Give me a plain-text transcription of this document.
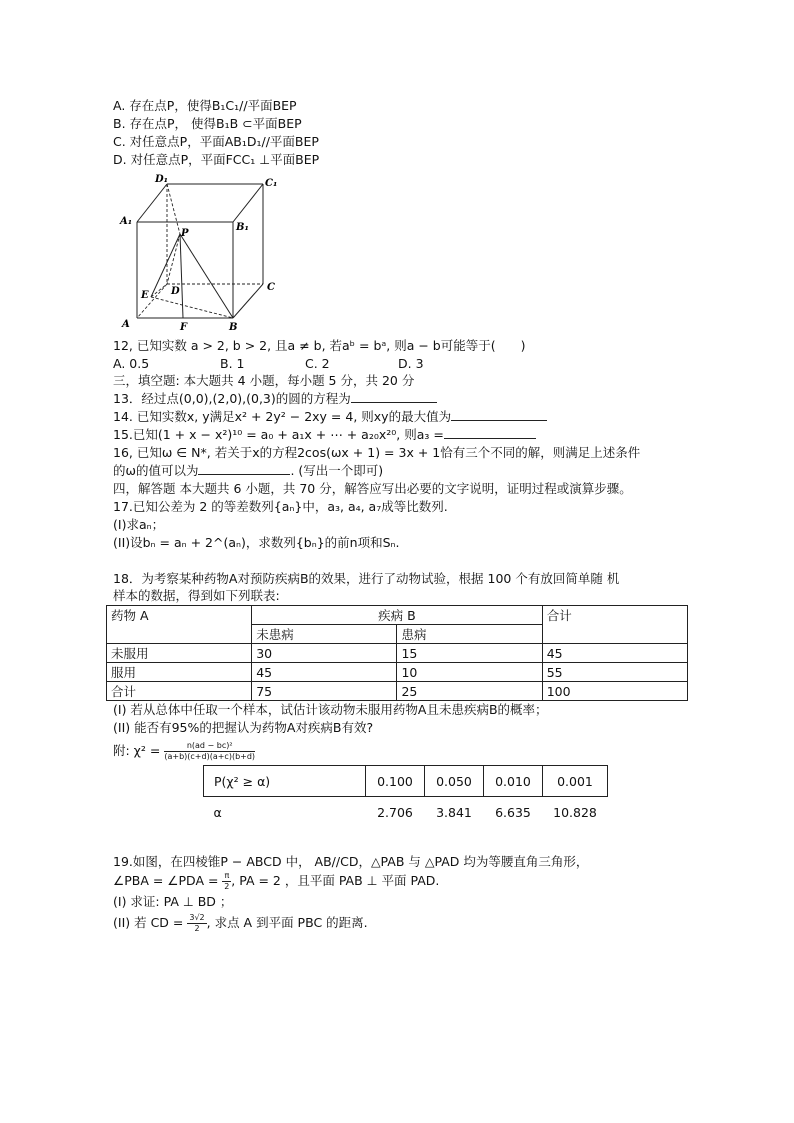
A. 存在点P，使得B₁C₁//平面BEP
B. 存在点P， 使得B₁B ⊂平面BEP
C. 对任意点P，平面AB₁D₁//平面BEP
D. 对任意点P，平面FCC₁ ⊥平面BEP
D₁	C₁
A₁
B₁
P
D
E
C
A	F	B
12, 已知实数 a > 2, b > 2, 且a ≠ b, 若aᵇ = bᵃ, 则a − b可能等于(　　)
A. 0.5	B. 1	C. 2	D. 3
三，填空题: 本大题共 4 小题，每小题 5 分，共 20 分
13．经过点(0,0),(2,0),(0,3)的圆的方程为
14. 已知实数x, y满足x² + 2y² − 2xy = 4, 则xy的最大值为
15.已知(1 + x − x²)¹⁰ = a₀ + a₁x + ⋯ + a₂₀x²⁰, 则a₃ =
16, 已知ω ∈ N*, 若关于x的方程2cos(ωx + 1) = 3x + 1恰有三个不同的解，则满足上述条件
的ω的值可以为	. (写出一个即可)
四，解答题 本大题共 6 小题，共 70 分，解答应写出必要的文字说明，证明过程或演算步骤。
17.已知公差为 2 的等差数列{aₙ}中，a₃, a₄, a₇成等比数列.
(I)求aₙ；
(II)设bₙ = aₙ + 2^(aₙ)，求数列{bₙ}的前n项和Sₙ.
18．为考察某种药物A对预防疾病B的效果，进行了动物试验，根据 100 个有放回简单随 机
样本的数据，得到如下列联表:
药物 A	疾病 B		合计
	未患病	患病	
未服用	30	15	45
服用	45	10	55
合计	75	25	100
(I) 若从总体中任取一个样本，试估计该动物未服用药物A且未患疾病B的概率；
(II) 能否有95%的把握认为药物A对疾病B有效?
附: $\chi^2 = \frac{\text{n(ad − bc)²}}{(a+b)(c+d)(a+c)(b+d)}$
P(χ² ≥ α)	0.100	0.050	0.010	0.001
α	2.706	3.841	6.635	10.828
19.如图，在四棱锥P − ABCD 中， AB//CD，△PAB 与 △PAD 均为等腰直角三角形，
∠PBA = ∠PDA = $\frac{\pi}{2}$ , PA = 2 ，且平面 PAB ⊥ 平面 PAD.
(I) 求证: PA ⊥ BD ；
(II) 若 CD = $\frac{3√2}{2}$ , 求点 A 到平面 PBC 的距离.
